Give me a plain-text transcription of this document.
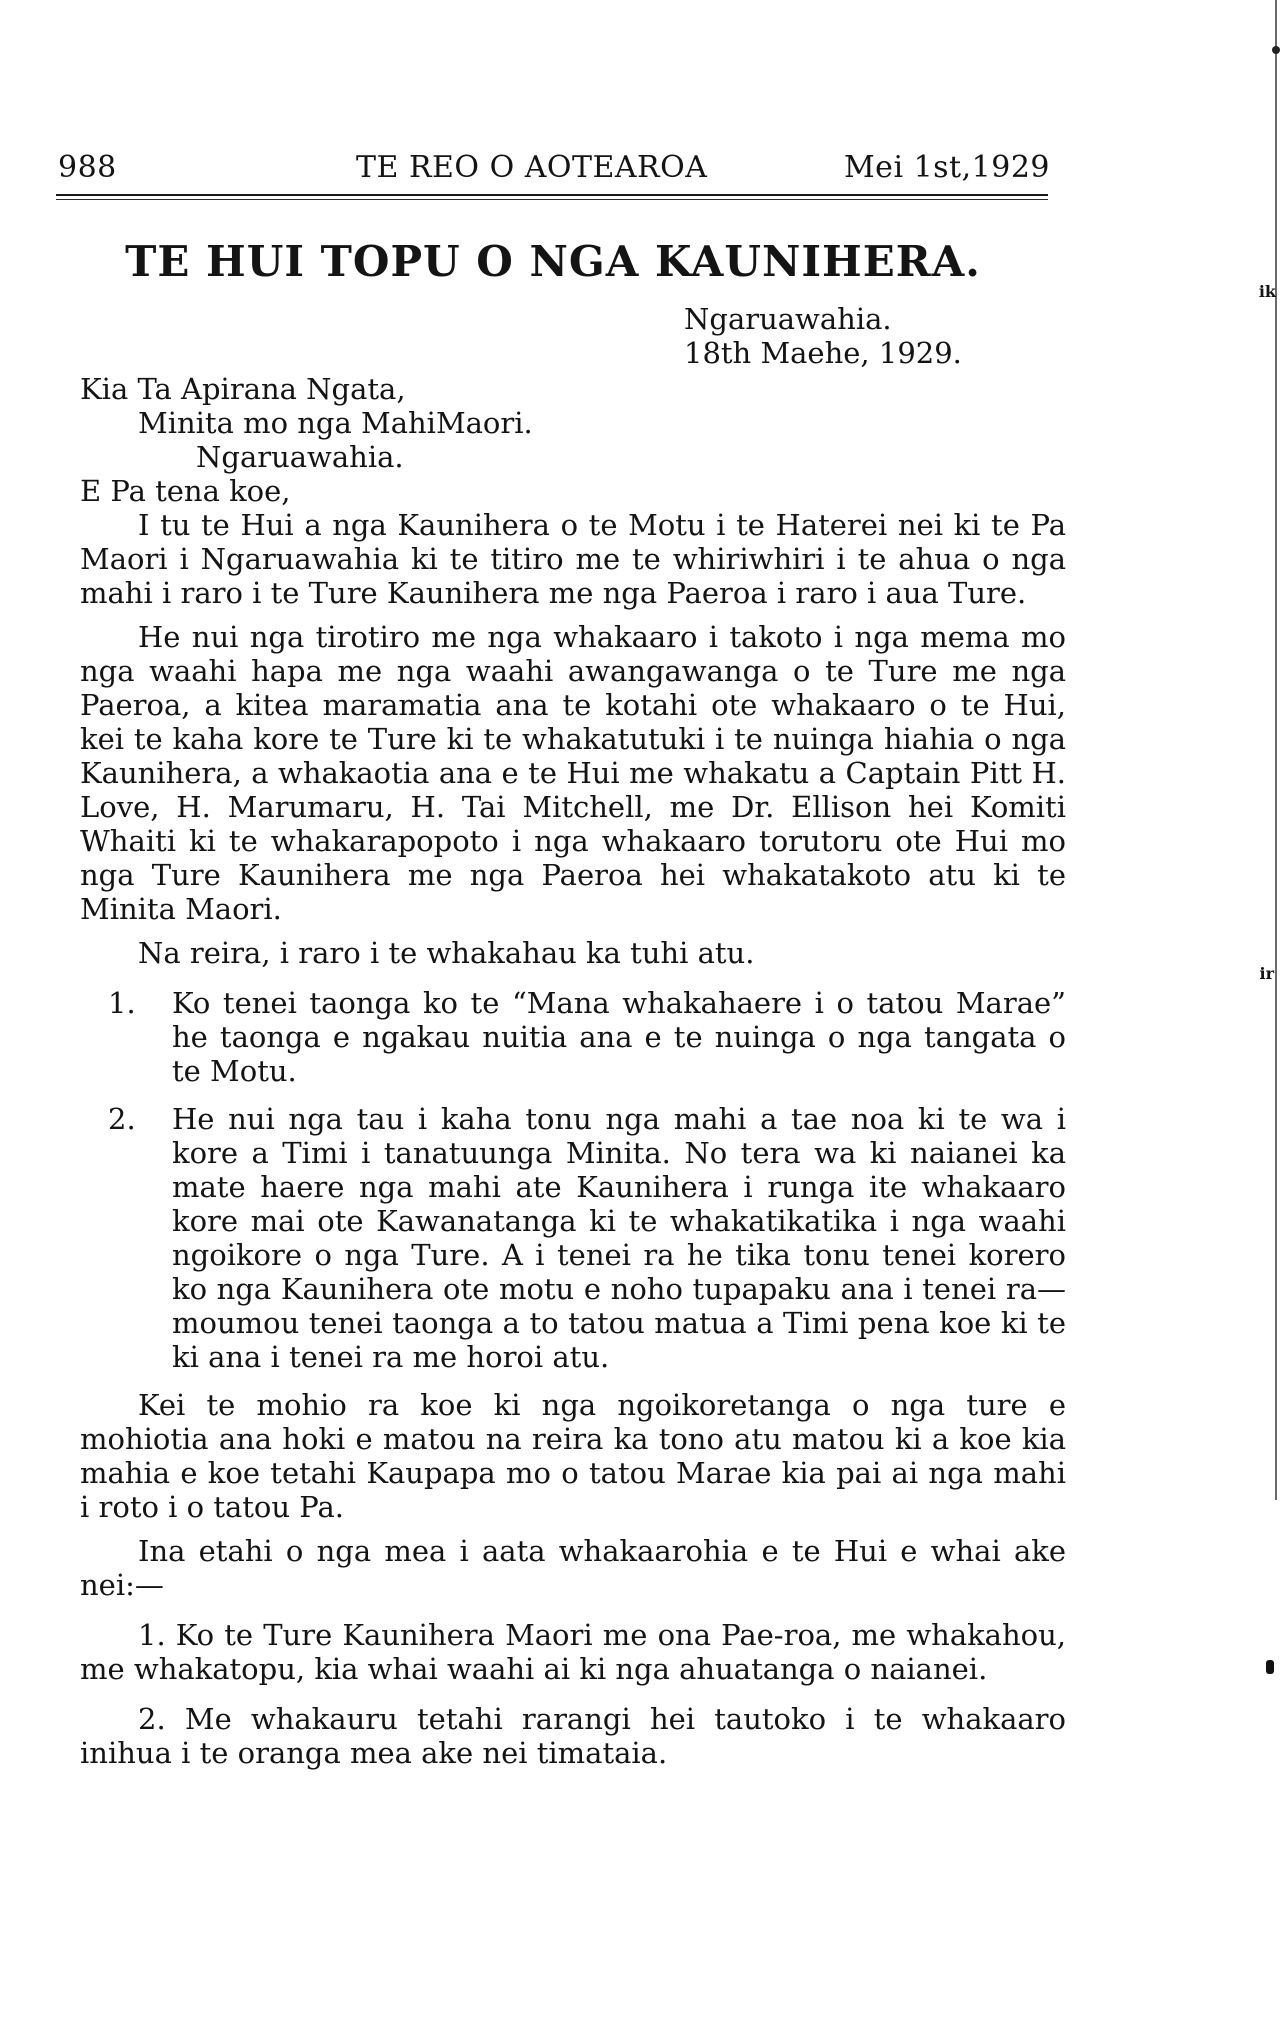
988	TE REO O AOTEAROA	Mei 1st,1929
TE HUI TOPU O NGA KAUNIHERA.
Ngaruawahia.
18th Maehe, 1929.
Kia Ta Apirana Ngata,
Minita mo nga MahiMaori.
Ngaruawahia.
E Pa tena koe,

I tu te Hui a nga Kaunihera o te Motu i te Haterei nei ki te Pa Maori i Ngaruawahia ki te titiro me te whiriwhiri i te ahua o nga mahi i raro i te Ture Kaunihera me nga Paeroa i raro i aua Ture.

He nui nga tirotiro me nga whakaaro i takoto i nga mema mo nga waahi hapa me nga waahi awangawanga o te Ture me nga Paeroa, a kitea maramatia ana te kotahi ote whakaaro o te Hui, kei te kaha kore te Ture ki te whakatutuki i te nuinga hiahia o nga Kaunihera, a whakaotia ana e te Hui me whakatu a Captain Pitt H. Love, H. Marumaru, H. Tai Mitchell, me Dr. Ellison hei Komiti Whaiti ki te whakarapopoto i nga whakaaro torutoru ote Hui mo nga Ture Kaunihera me nga Paeroa hei whakatakoto atu ki te Minita Maori.

Na reira, i raro i te whakahau ka tuhi atu.

1. Ko tenei taonga ko te “Mana whakahaere i o tatou Marae” he taonga e ngakau nuitia ana e te nuinga o nga tangata o te Motu.
2. He nui nga tau i kaha tonu nga mahi a tae noa ki te wa i kore a Timi i tanatuunga Minita. No tera wa ki naianei ka mate haere nga mahi ate Kaunihera i runga ite whakaaro kore mai ote Kawanatanga ki te whakatikatika i nga waahi ngoikore o nga Ture. A i tenei ra he tika tonu tenei korero ko nga Kaunihera ote motu e noho tupapaku ana i tenei ra—moumou tenei taonga a to tatou matua a Timi pena koe ki te ki ana i tenei ra me horoi atu.

Kei te mohio ra koe ki nga ngoikoretanga o nga ture e mohiotia ana hoki e matou na reira ka tono atu matou ki a koe kia mahia e koe tetahi Kaupapa mo o tatou Marae kia pai ai nga mahi i roto i o tatou Pa.

Ina etahi o nga mea i aata whakaarohia e te Hui e whai ake nei:—

1. Ko te Ture Kaunihera Maori me ona Pae-roa, me whakahou, me whakatopu, kia whai waahi ai ki nga ahuatanga o naianei.

2. Me whakauru tetahi rarangi hei tautoko i te whakaaro inihua i te oranga mea ake nei timataia.

ik
ir
